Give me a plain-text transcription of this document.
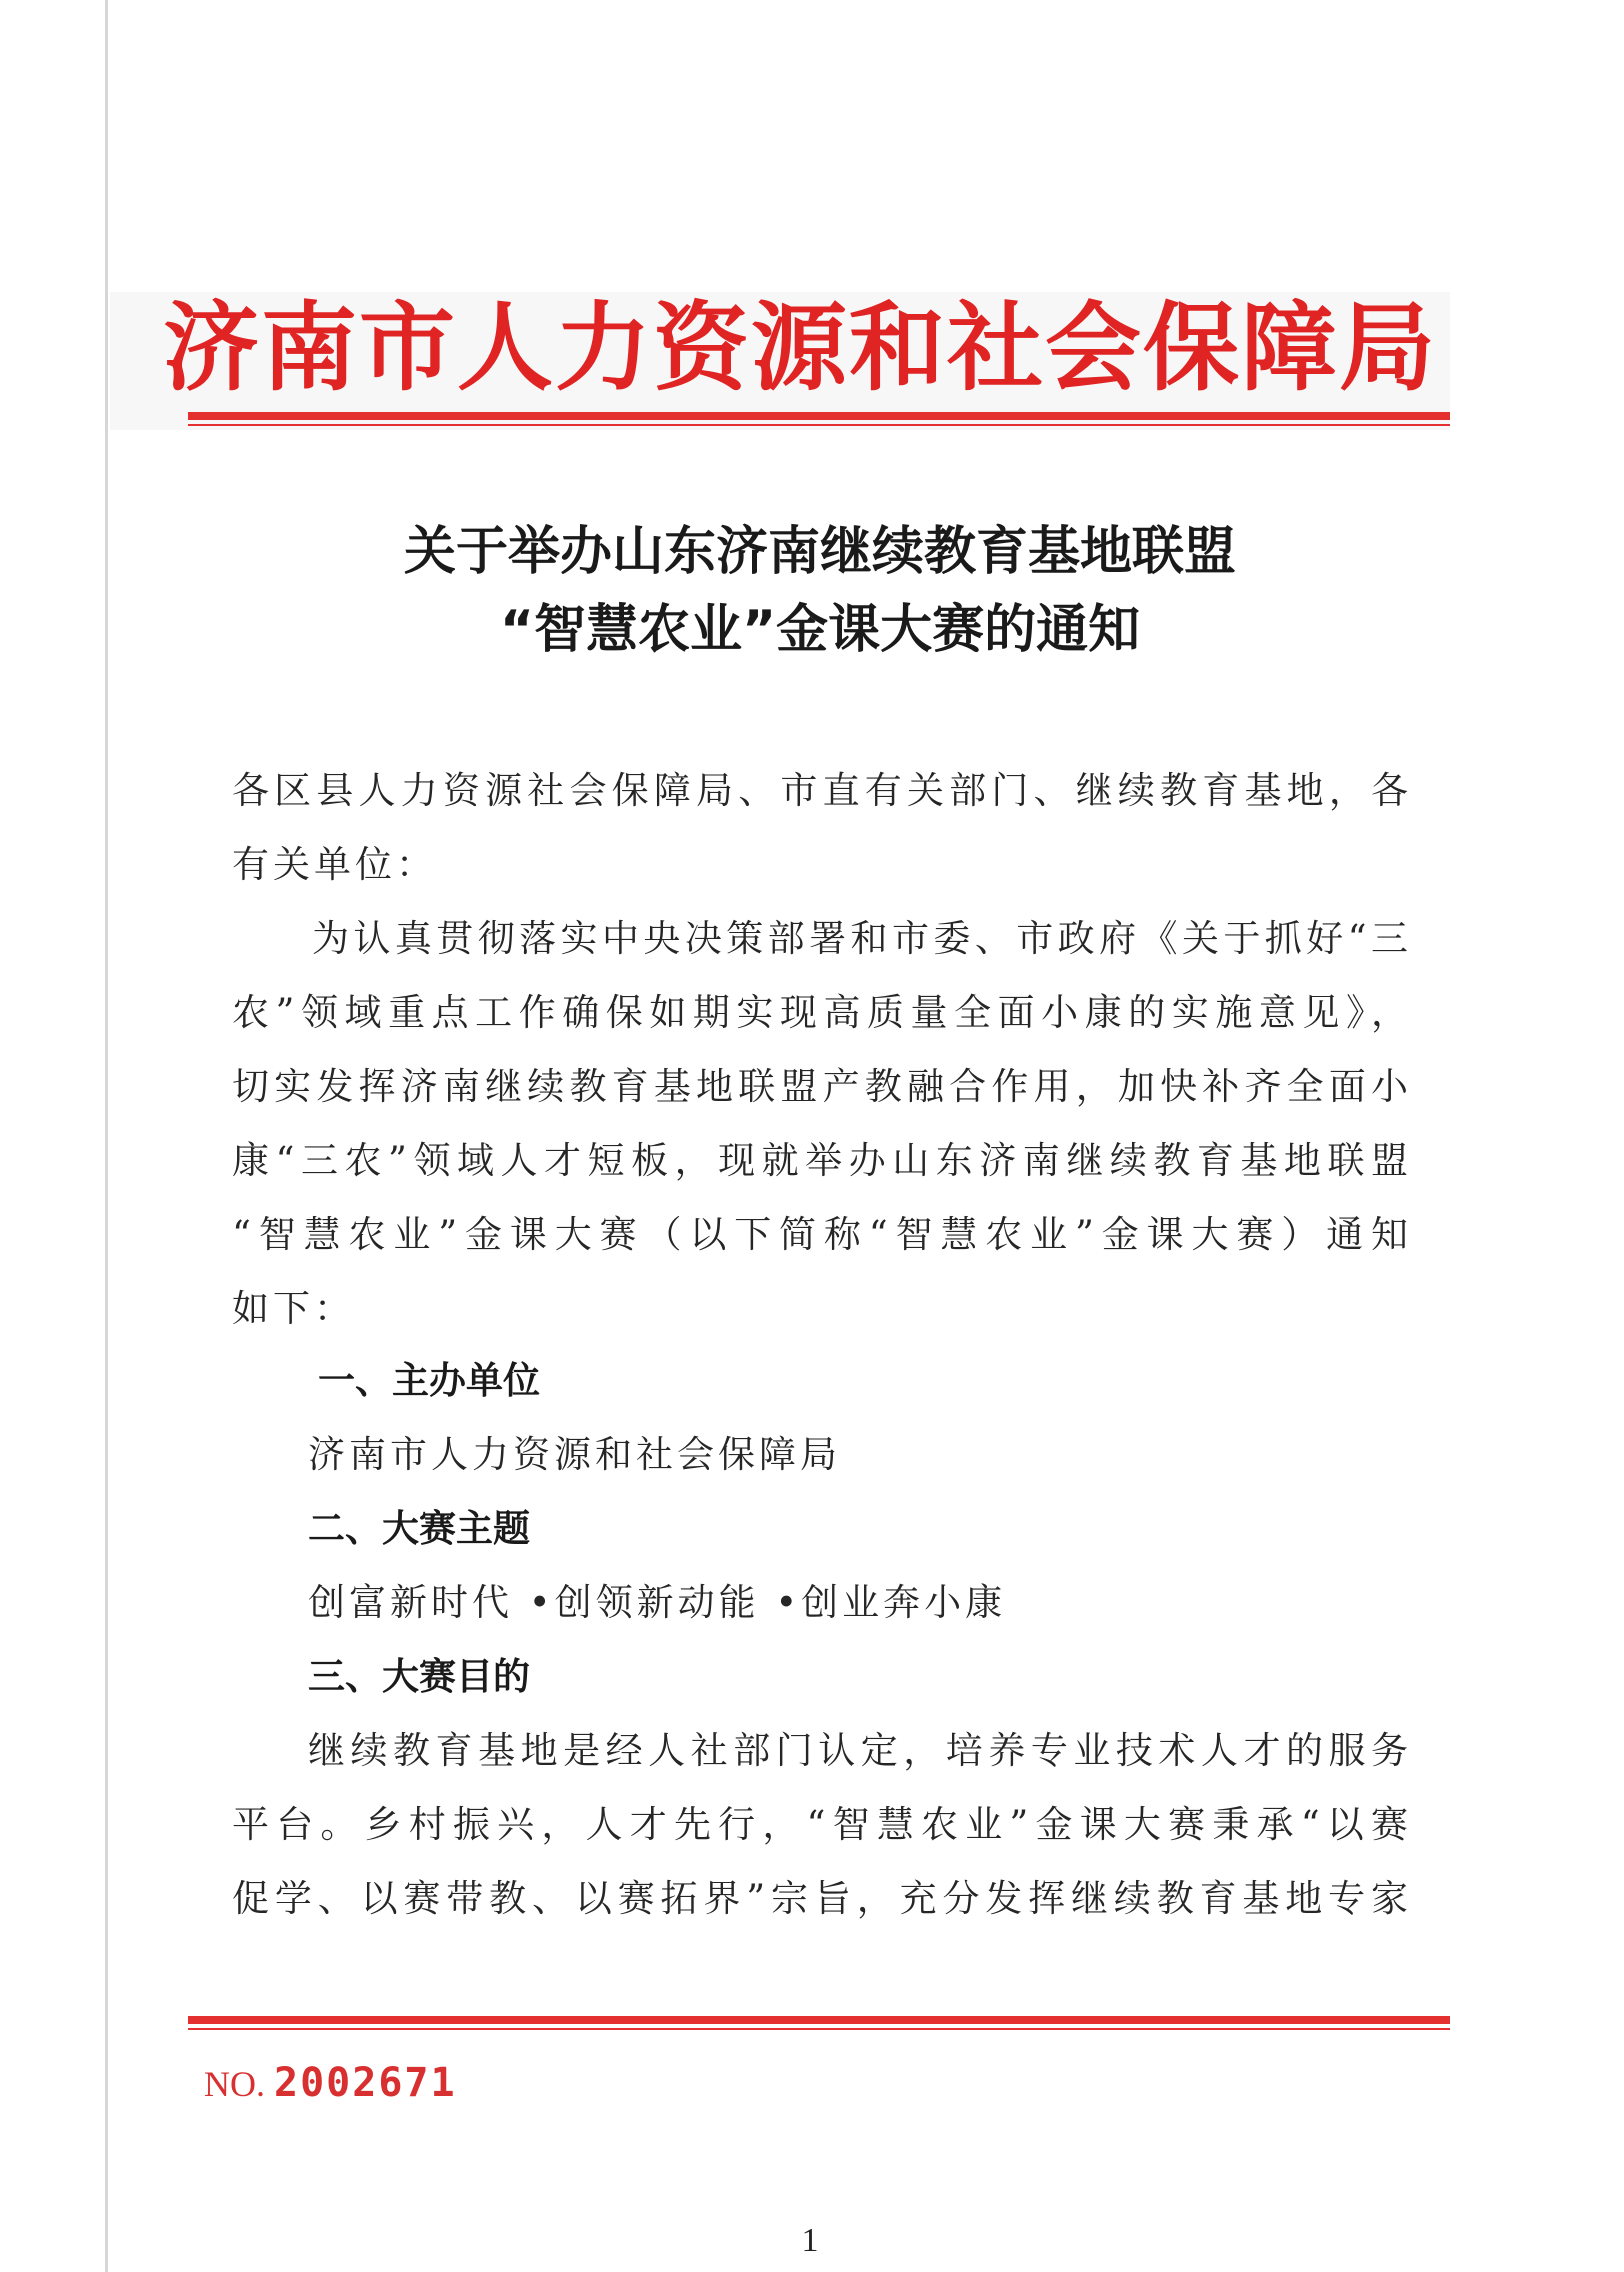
济南市人力资源和社会保障局
关于举办山东济南继续教育基地联盟
“智慧农业”金课大赛的通知
各区县人力资源社会保障局、市直有关部门、继续教育基地，各
有关单位：
为认真贯彻落实中央决策部署和市委、市政府《关于抓好“三
农”领域重点工作确保如期实现高质量全面小康的实施意见》，
切实发挥济南继续教育基地联盟产教融合作用，加快补齐全面小
康“三农”领域人才短板，现就举办山东济南继续教育基地联盟
“智慧农业”金课大赛（以下简称“智慧农业”金课大赛）通知
如下：
一、主办单位
济南市人力资源和社会保障局
二、大赛主题
创富新时代 •创领新动能 •创业奔小康
三、大赛目的
继续教育基地是经人社部门认定，培养专业技术人才的服务
平台。乡村振兴，人才先行，“智慧农业”金课大赛秉承“以赛
促学、以赛带教、以赛拓界”宗旨，充分发挥继续教育基地专家
NO. 2002671
1
